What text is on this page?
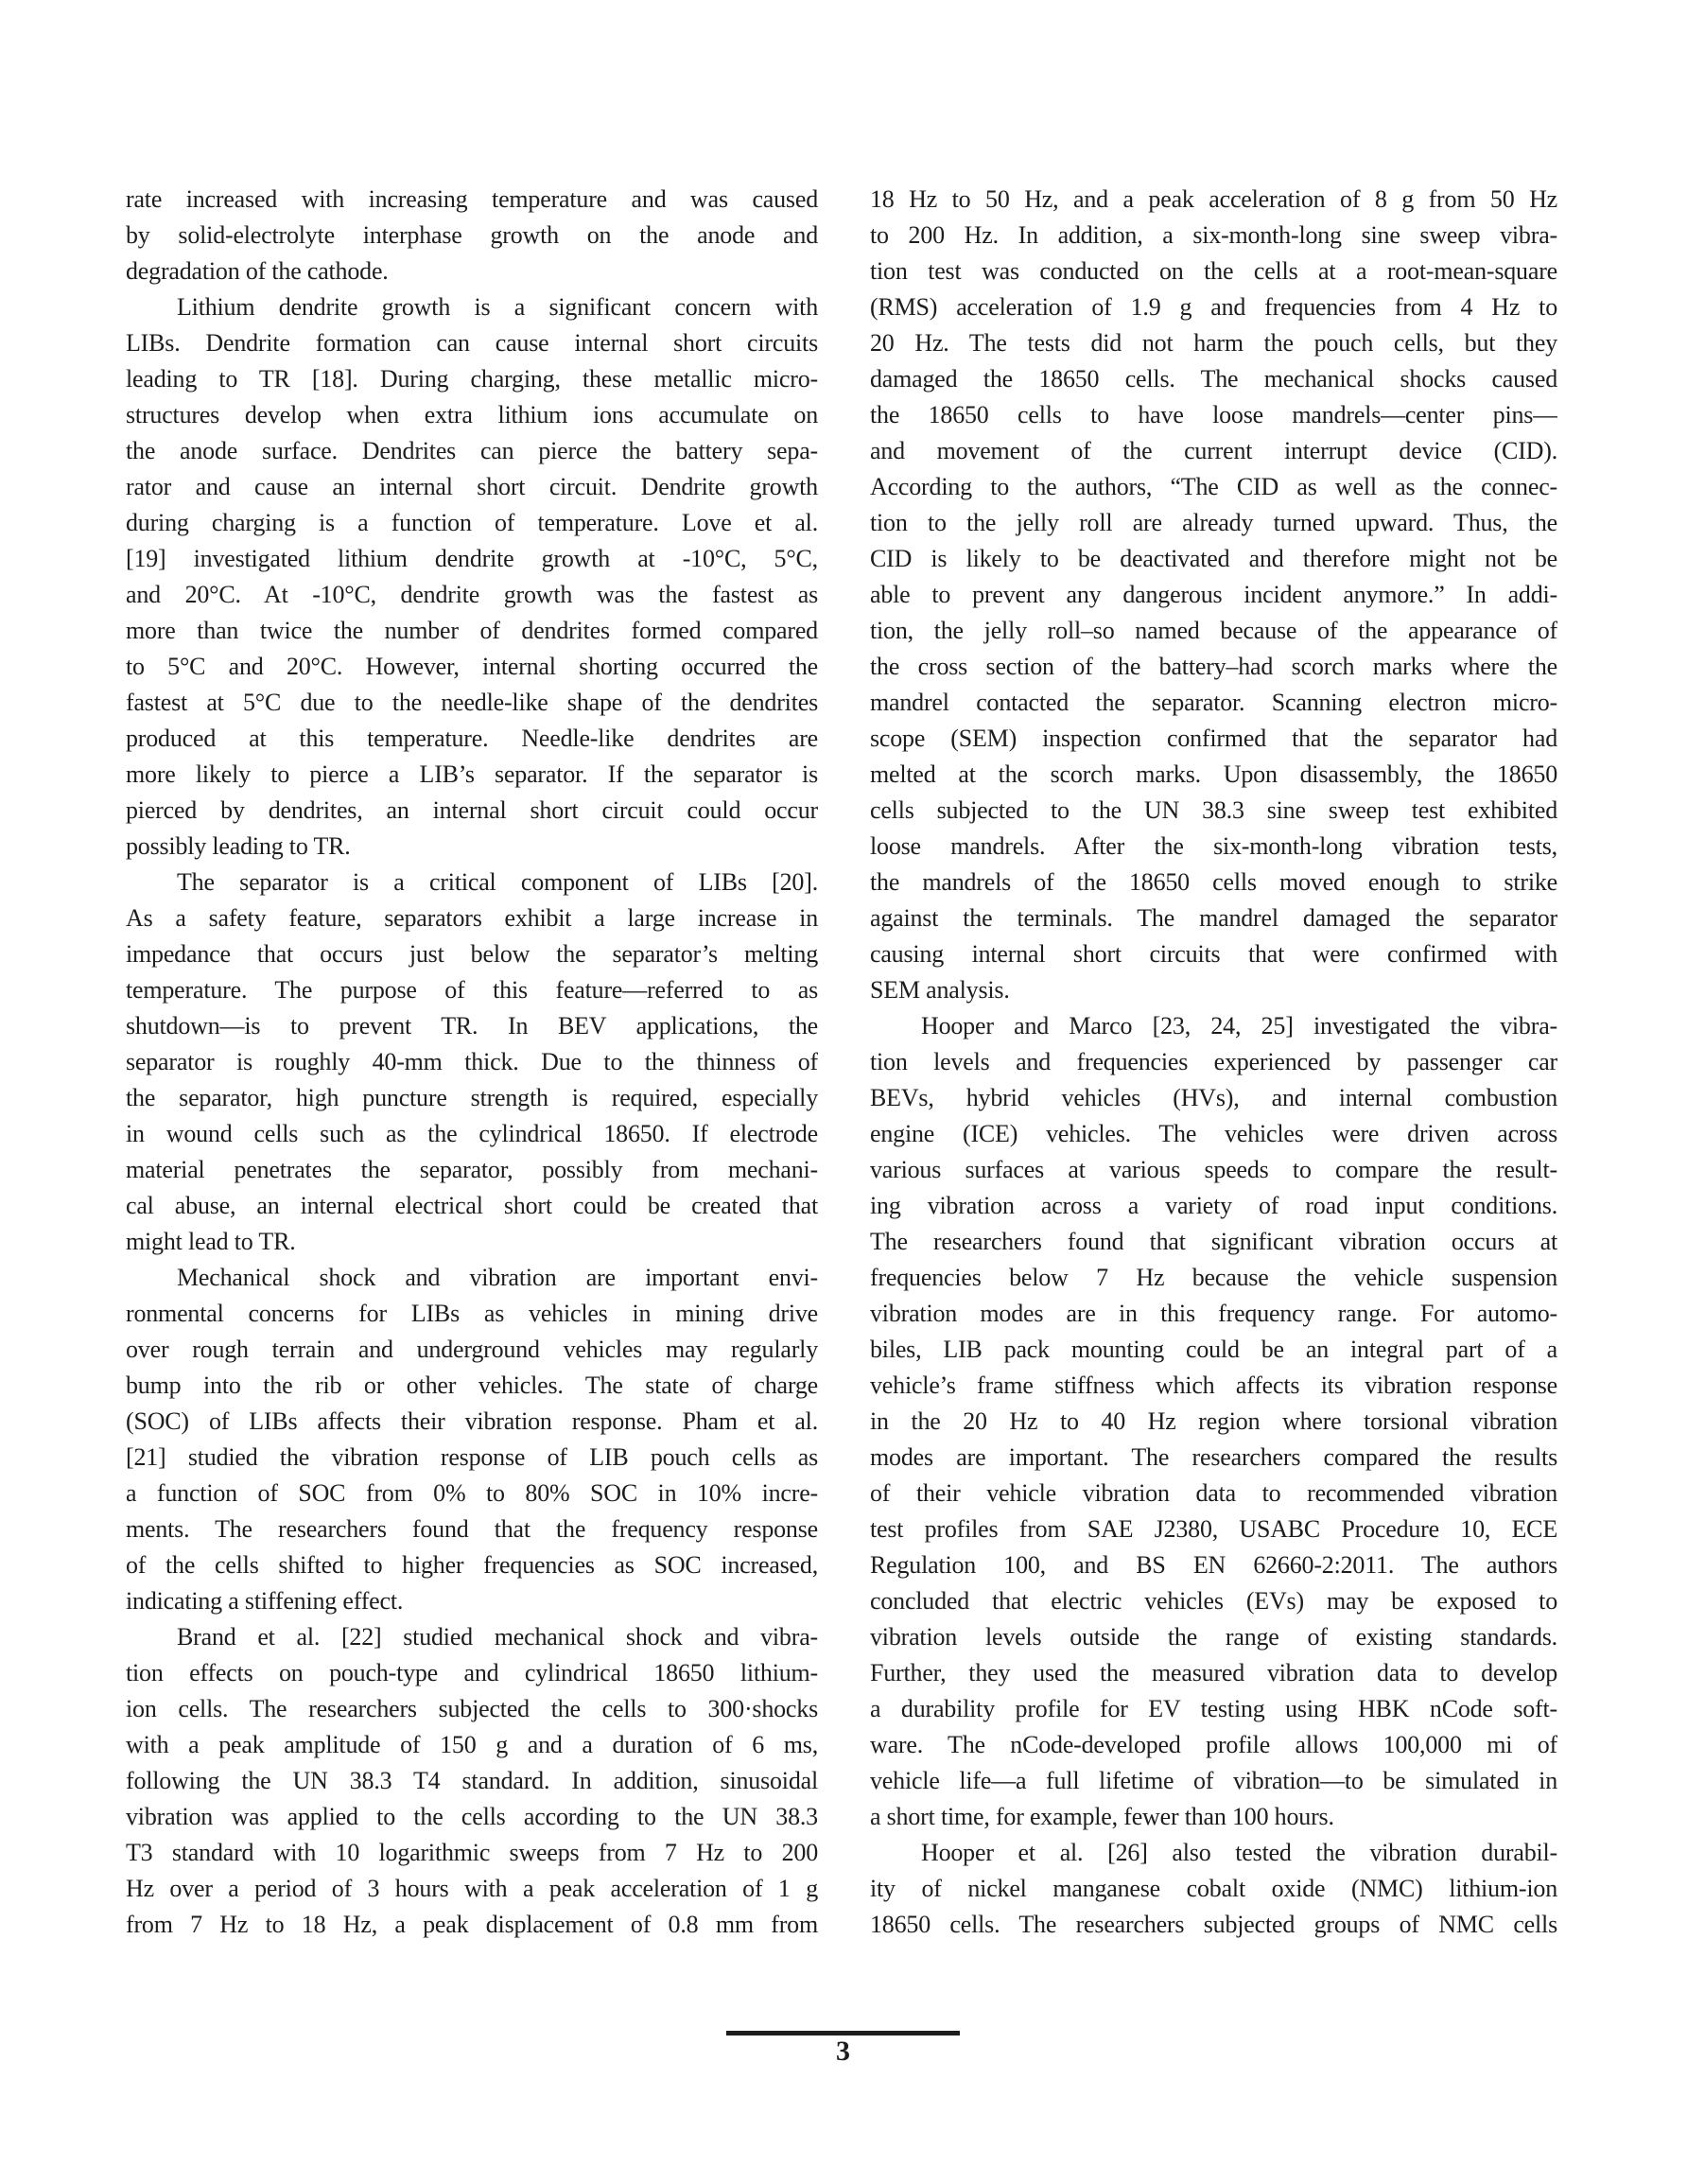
rate increased with increasing temperature and was caused
by solid-electrolyte interphase growth on the anode and
degradation of the cathode.
Lithium dendrite growth is a significant concern with
LIBs. Dendrite formation can cause internal short circuits
leading to TR [18]. During charging, these metallic micro-
structures develop when extra lithium ions accumulate on
the anode surface. Dendrites can pierce the battery sepa-
rator and cause an internal short circuit. Dendrite growth
during charging is a function of temperature. Love et al.
[19] investigated lithium dendrite growth at -10°C, 5°C,
and 20°C. At -10°C, dendrite growth was the fastest as
more than twice the number of dendrites formed compared
to 5°C and 20°C. However, internal shorting occurred the
fastest at 5°C due to the needle-like shape of the dendrites
produced at this temperature. Needle-like dendrites are
more likely to pierce a LIB’s separator. If the separator is
pierced by dendrites, an internal short circuit could occur
possibly leading to TR.
The separator is a critical component of LIBs [20].
As a safety feature, separators exhibit a large increase in
impedance that occurs just below the separator’s melting
temperature. The purpose of this feature—referred to as
shutdown—is to prevent TR. In BEV applications, the
separator is roughly 40-mm thick. Due to the thinness of
the separator, high puncture strength is required, especially
in wound cells such as the cylindrical 18650. If electrode
material penetrates the separator, possibly from mechani-
cal abuse, an internal electrical short could be created that
might lead to TR.
Mechanical shock and vibration are important envi-
ronmental concerns for LIBs as vehicles in mining drive
over rough terrain and underground vehicles may regularly
bump into the rib or other vehicles. The state of charge
(SOC) of LIBs affects their vibration response. Pham et al.
[21] studied the vibration response of LIB pouch cells as
a function of SOC from 0% to 80% SOC in 10% incre-
ments. The researchers found that the frequency response
of the cells shifted to higher frequencies as SOC increased,
indicating a stiffening effect.
Brand et al. [22] studied mechanical shock and vibra-
tion effects on pouch-type and cylindrical 18650 lithium-
ion cells. The researchers subjected the cells to 300·shocks
with a peak amplitude of 150 g and a duration of 6 ms,
following the UN 38.3 T4 standard. In addition, sinusoidal
vibration was applied to the cells according to the UN 38.3
T3 standard with 10 logarithmic sweeps from 7 Hz to 200
Hz over a period of 3 hours with a peak acceleration of 1 g
from 7 Hz to 18 Hz, a peak displacement of 0.8 mm from
18 Hz to 50 Hz, and a peak acceleration of 8 g from 50 Hz
to 200 Hz. In addition, a six-month-long sine sweep vibra-
tion test was conducted on the cells at a root-mean-square
(RMS) acceleration of 1.9 g and frequencies from 4 Hz to
20 Hz. The tests did not harm the pouch cells, but they
damaged the 18650 cells. The mechanical shocks caused
the 18650 cells to have loose mandrels—center pins—
and movement of the current interrupt device (CID).
According to the authors, “The CID as well as the connec-
tion to the jelly roll are already turned upward. Thus, the
CID is likely to be deactivated and therefore might not be
able to prevent any dangerous incident anymore.” In addi-
tion, the jelly roll–so named because of the appearance of
the cross section of the battery–had scorch marks where the
mandrel contacted the separator. Scanning electron micro-
scope (SEM) inspection confirmed that the separator had
melted at the scorch marks. Upon disassembly, the 18650
cells subjected to the UN 38.3 sine sweep test exhibited
loose mandrels. After the six-month-long vibration tests,
the mandrels of the 18650 cells moved enough to strike
against the terminals. The mandrel damaged the separator
causing internal short circuits that were confirmed with
SEM analysis.
Hooper and Marco [23, 24, 25] investigated the vibra-
tion levels and frequencies experienced by passenger car
BEVs, hybrid vehicles (HVs), and internal combustion
engine (ICE) vehicles. The vehicles were driven across
various surfaces at various speeds to compare the result-
ing vibration across a variety of road input conditions.
The researchers found that significant vibration occurs at
frequencies below 7 Hz because the vehicle suspension
vibration modes are in this frequency range. For automo-
biles, LIB pack mounting could be an integral part of a
vehicle’s frame stiffness which affects its vibration response
in the 20 Hz to 40 Hz region where torsional vibration
modes are important. The researchers compared the results
of their vehicle vibration data to recommended vibration
test profiles from SAE J2380, USABC Procedure 10, ECE
Regulation 100, and BS EN 62660-2:2011. The authors
concluded that electric vehicles (EVs) may be exposed to
vibration levels outside the range of existing standards.
Further, they used the measured vibration data to develop
a durability profile for EV testing using HBK nCode soft-
ware. The nCode-developed profile allows 100,000 mi of
vehicle life—a full lifetime of vibration—to be simulated in
a short time, for example, fewer than 100 hours.
Hooper et al. [26] also tested the vibration durabil-
ity of nickel manganese cobalt oxide (NMC) lithium-ion
18650 cells. The researchers subjected groups of NMC cells
3
